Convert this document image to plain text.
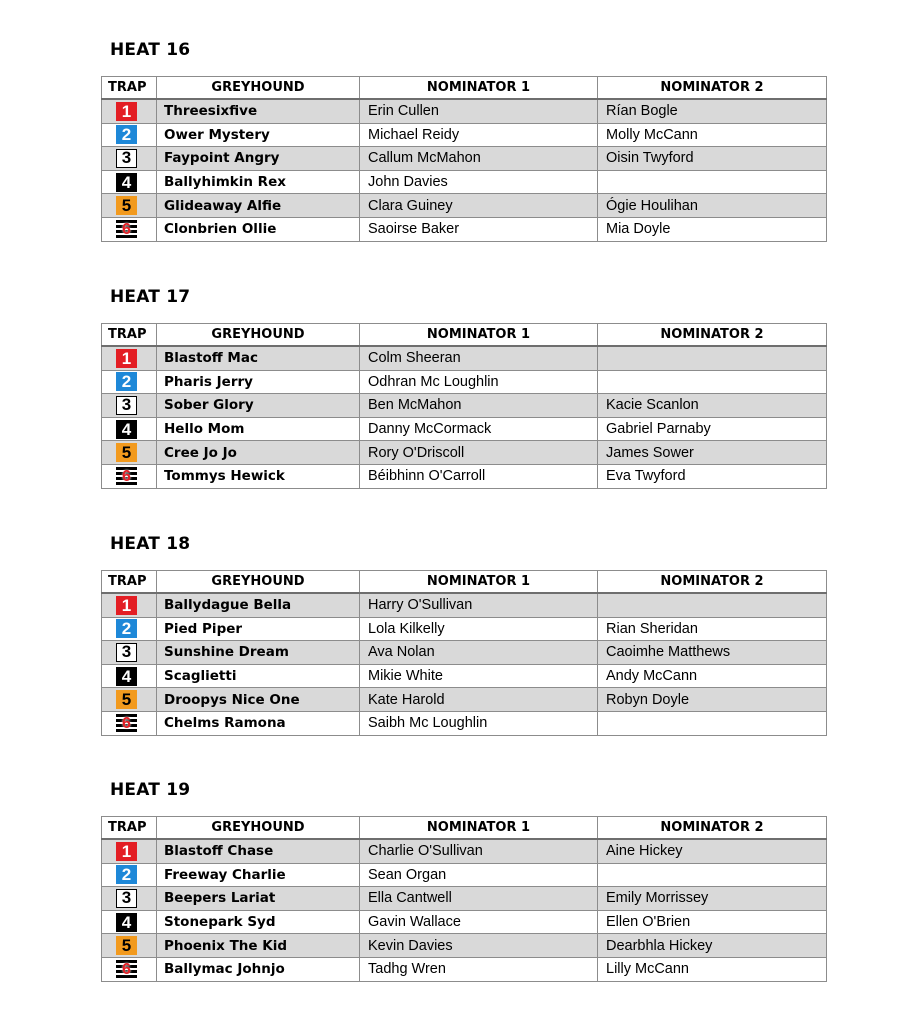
HEAT 16
TRAP	GREYHOUND	NOMINATOR 1	NOMINATOR 2
1	Threesixfive	Erin Cullen	Rían Bogle
2	Ower Mystery	Michael Reidy	Molly McCann
3	Faypoint Angry	Callum McMahon	Oisin Twyford
4	Ballyhimkin Rex	John Davies	
5	Glideaway Alfie	Clara Guiney	Ógie Houlihan
6	Clonbrien Ollie	Saoirse Baker	Mia Doyle
HEAT 17
TRAP	GREYHOUND	NOMINATOR 1	NOMINATOR 2
1	Blastoff Mac	Colm Sheeran	
2	Pharis Jerry	Odhran Mc Loughlin	
3	Sober Glory	Ben McMahon	Kacie Scanlon
4	Hello Mom	Danny McCormack	Gabriel Parnaby
5	Cree Jo Jo	Rory O'Driscoll	James Sower
6	Tommys Hewick	Béibhinn O'Carroll	Eva Twyford
HEAT 18
TRAP	GREYHOUND	NOMINATOR 1	NOMINATOR 2
1	Ballydague Bella	Harry O'Sullivan	
2	Pied Piper	Lola Kilkelly	Rian Sheridan
3	Sunshine Dream	Ava Nolan	Caoimhe Matthews
4	Scaglietti	Mikie White	Andy McCann
5	Droopys Nice One	Kate Harold	Robyn Doyle
6	Chelms Ramona	Saibh Mc Loughlin	
HEAT 19
TRAP	GREYHOUND	NOMINATOR 1	NOMINATOR 2
1	Blastoff Chase	Charlie O'Sullivan	Aine Hickey
2	Freeway Charlie	Sean Organ	
3	Beepers Lariat	Ella Cantwell	Emily Morrissey
4	Stonepark Syd	Gavin Wallace	Ellen O'Brien
5	Phoenix The Kid	Kevin Davies	Dearbhla Hickey
6	Ballymac Johnjo	Tadhg Wren	Lilly McCann
